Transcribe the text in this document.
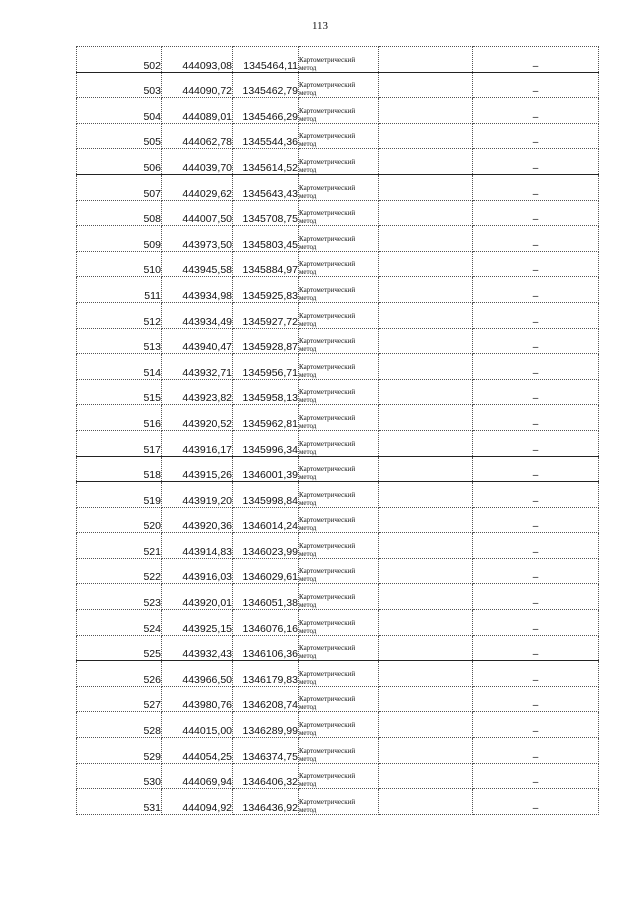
113
502	444093,08	1345464,11	Картометрический
метод		–
503	444090,72	1345462,79	Картометрический
метод		–
504	444089,01	1345466,29	Картометрический
метод		–
505	444062,78	1345544,36	Картометрический
метод		–
506	444039,70	1345614,52	Картометрический
метод		–
507	444029,62	1345643,43	Картометрический
метод		–
508	444007,50	1345708,75	Картометрический
метод		–
509	443973,50	1345803,45	Картометрический
метод		–
510	443945,58	1345884,97	Картометрический
метод		–
511	443934,98	1345925,83	Картометрический
метод		–
512	443934,49	1345927,72	Картометрический
метод		–
513	443940,47	1345928,87	Картометрический
метод		–
514	443932,71	1345956,71	Картометрический
метод		–
515	443923,82	1345958,13	Картометрический
метод		–
516	443920,52	1345962,81	Картометрический
метод		–
517	443916,17	1345996,34	Картометрический
метод		–
518	443915,26	1346001,39	Картометрический
метод		–
519	443919,20	1345998,84	Картометрический
метод		–
520	443920,36	1346014,24	Картометрический
метод		–
521	443914,83	1346023,99	Картометрический
метод		–
522	443916,03	1346029,61	Картометрический
метод		–
523	443920,01	1346051,38	Картометрический
метод		–
524	443925,15	1346076,16	Картометрический
метод		–
525	443932,43	1346106,36	Картометрический
метод		–
526	443966,50	1346179,83	Картометрический
метод		–
527	443980,76	1346208,74	Картометрический
метод		–
528	444015,00	1346289,99	Картометрический
метод		–
529	444054,25	1346374,75	Картометрический
метод		–
530	444069,94	1346406,32	Картометрический
метод		–
531	444094,92	1346436,92	Картометрический
метод		–
